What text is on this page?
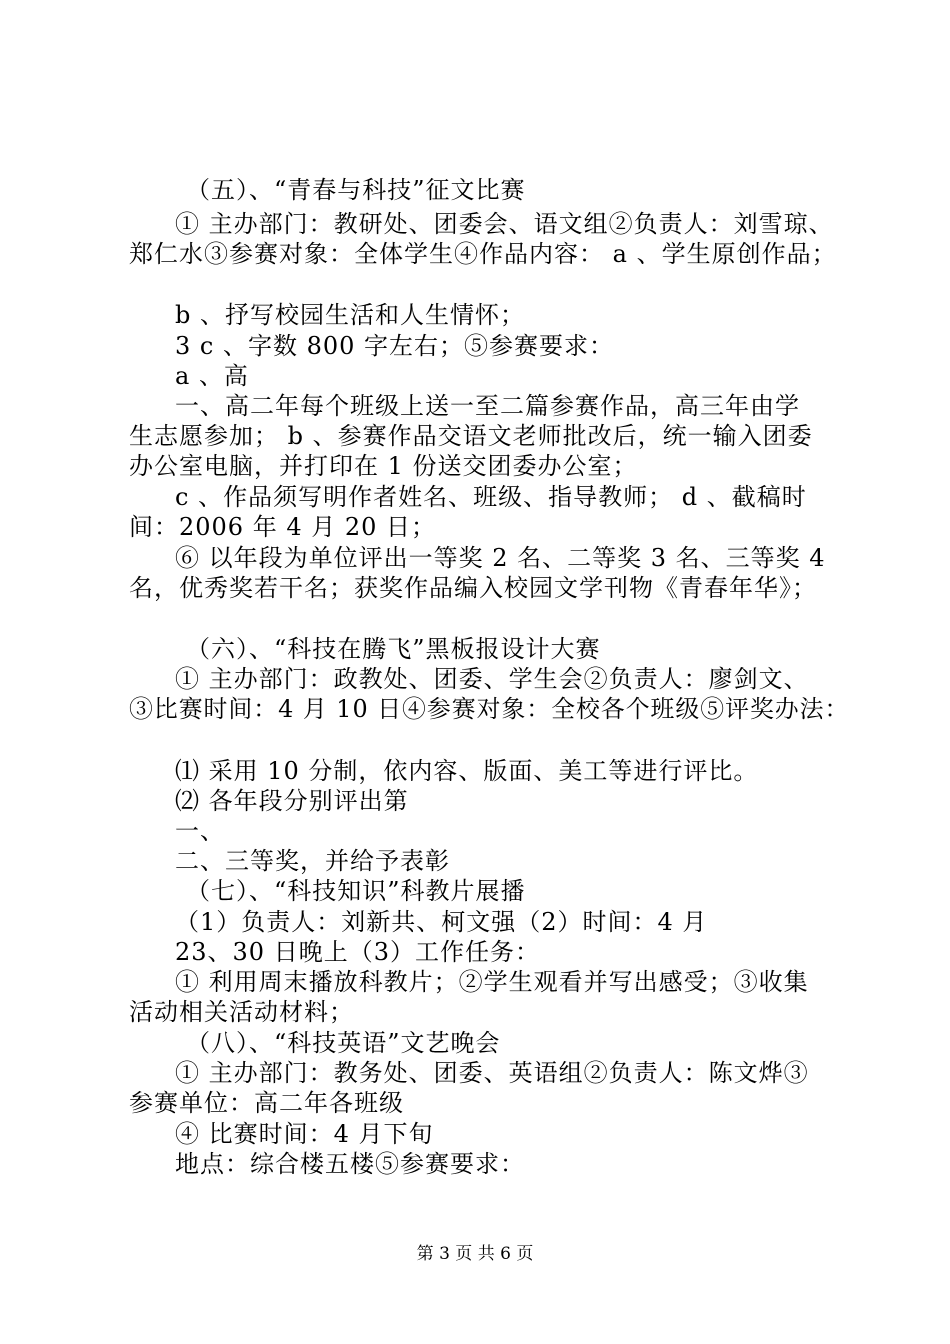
（五）、“青春与科技”征文比赛
① 主办部门：教研处、团委会、语文组②负责人：刘雪琼、
郑仁水③参赛对象：全体学生④作品内容： a 、学生原创作品；
b 、抒写校园生活和人生情怀；
3 c 、字数 800 字左右；⑤参赛要求：
a 、高
一、高二年每个班级上送一至二篇参赛作品，高三年由学
生志愿参加； b 、参赛作品交语文老师批改后，统一输入团委
办公室电脑，并打印在 1 份送交团委办公室；
c 、作品须写明作者姓名、班级、指导教师； d 、截稿时
间：2006 年 4 月 20 日；
⑥ 以年段为单位评出一等奖 2 名、二等奖 3 名、三等奖 4
名，优秀奖若干名；获奖作品编入校园文学刊物《青春年华》；
（六）、“科技在腾飞”黑板报设计大赛
① 主办部门：政教处、团委、学生会②负责人：廖剑文、
③比赛时间：4 月 10 日④参赛对象：全校各个班级⑤评奖办法：
⑴ 采用 10 分制，依内容、版面、美工等进行评比。
⑵ 各年段分别评出第
一、
二、三等奖，并给予表彰
（七）、“科技知识”科教片展播
（1）负责人：刘新共、柯文强（2）时间：4 月
23、30 日晚上（3）工作任务：
① 利用周末播放科教片；②学生观看并写出感受；③收集
活动相关活动材料；
（八）、“科技英语”文艺晚会
① 主办部门：教务处、团委、英语组②负责人：陈文烨③
参赛单位：高二年各班级
④ 比赛时间：4 月下旬
地点：综合楼五楼⑤参赛要求：
第 3 页 共 6 页
